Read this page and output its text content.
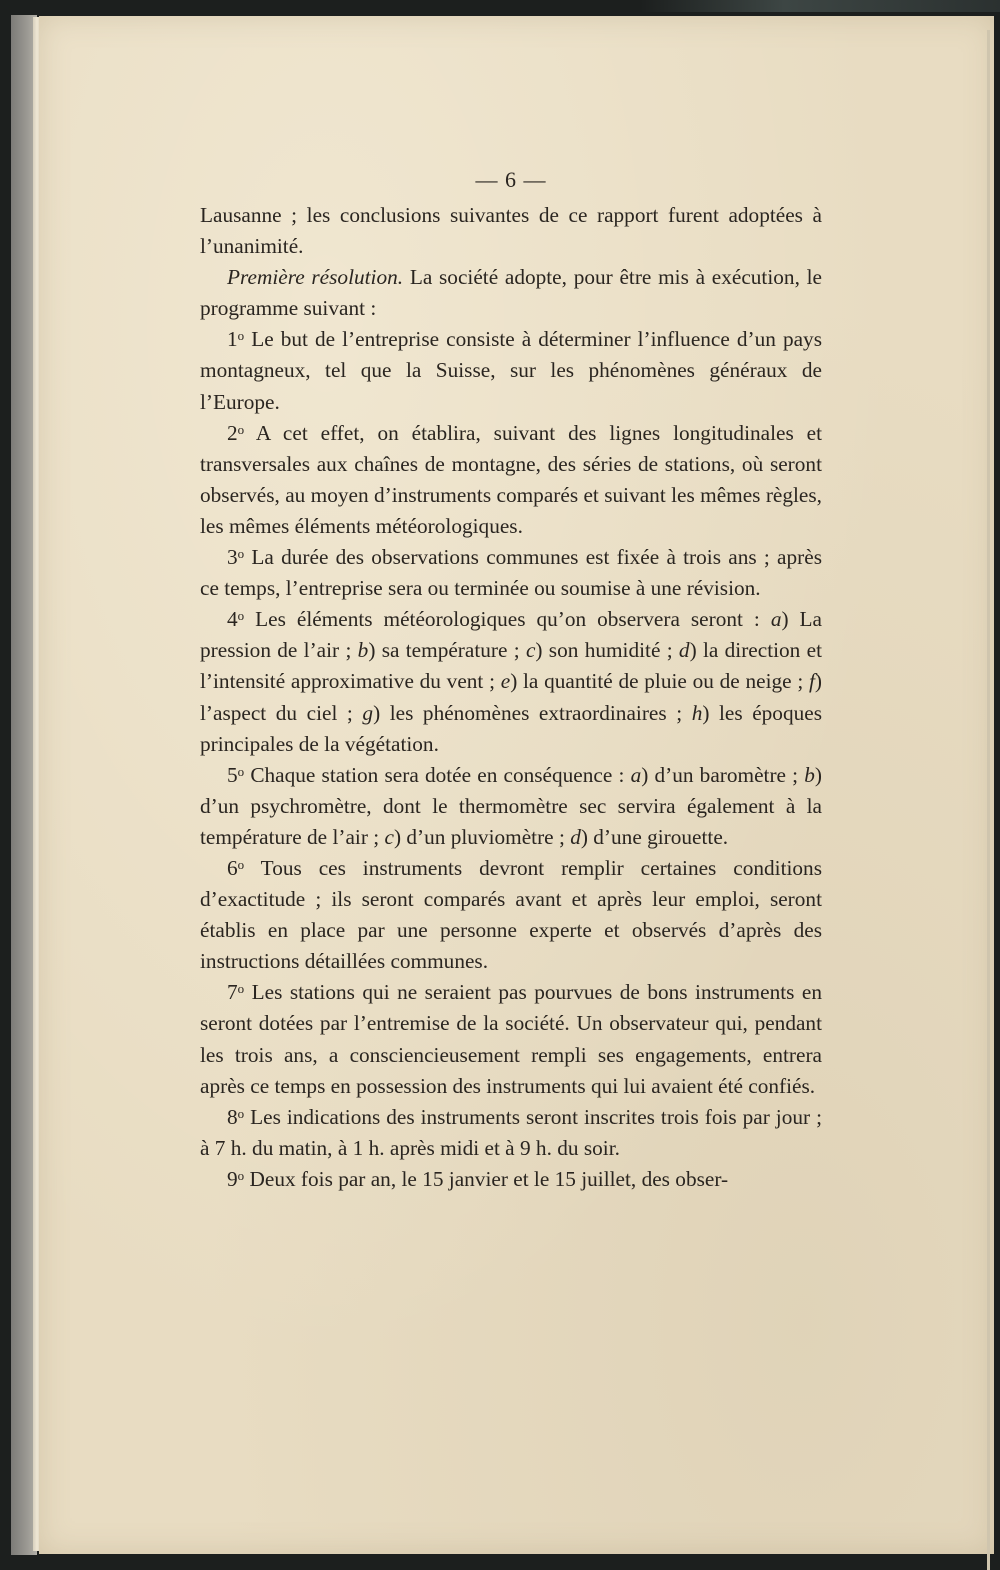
— 6 —

Lausanne ; les conclusions suivantes de ce rapport furent adoptées à l’unanimité.

Première résolution. La société adopte, pour être mis à exécution, le programme suivant :

1$^o$ Le but de l’entreprise consiste à déterminer l’influence d’un pays montagneux, tel que la Suisse, sur les phénomènes généraux de l’Europe.

2$^o$ A cet effet, on établira, suivant des lignes longitudinales et transversales aux chaînes de montagne, des séries de stations, où seront observés, au moyen d’instruments comparés et suivant les mêmes règles, les mêmes éléments météorologiques.

3$^o$ La durée des observations communes est fixée à trois ans ; après ce temps, l’entreprise sera ou terminée ou soumise à une révision.

4$^o$ Les éléments météorologiques qu’on observera seront : a) La pression de l’air ; b) sa température ; c) son humidité ; d) la direction et l’intensité approximative du vent ; e) la quantité de pluie ou de neige ; f) l’aspect du ciel ; g) les phénomènes extraordinaires ; h) les époques principales de la végétation.

5$^o$ Chaque station sera dotée en conséquence : a) d’un baromètre ; b) d’un psychromètre, dont le thermomètre sec servira également à la température de l’air ; c) d’un pluviomètre ; d) d’une girouette.

6$^o$ Tous ces instruments devront remplir certaines conditions d’exactitude ; ils seront comparés avant et après leur emploi, seront établis en place par une personne experte et observés d’après des instructions détaillées communes.

7$^o$ Les stations qui ne seraient pas pourvues de bons instruments en seront dotées par l’entremise de la société. Un observateur qui, pendant les trois ans, a consciencieusement rempli ses engagements, entrera après ce temps en possession des instruments qui lui avaient été confiés.

8$^o$ Les indications des instruments seront inscrites trois fois par jour ; à 7 h. du matin, à 1 h. après midi et à 9 h. du soir.

9$^o$ Deux fois par an, le 15 janvier et le 15 juillet, des obser-
